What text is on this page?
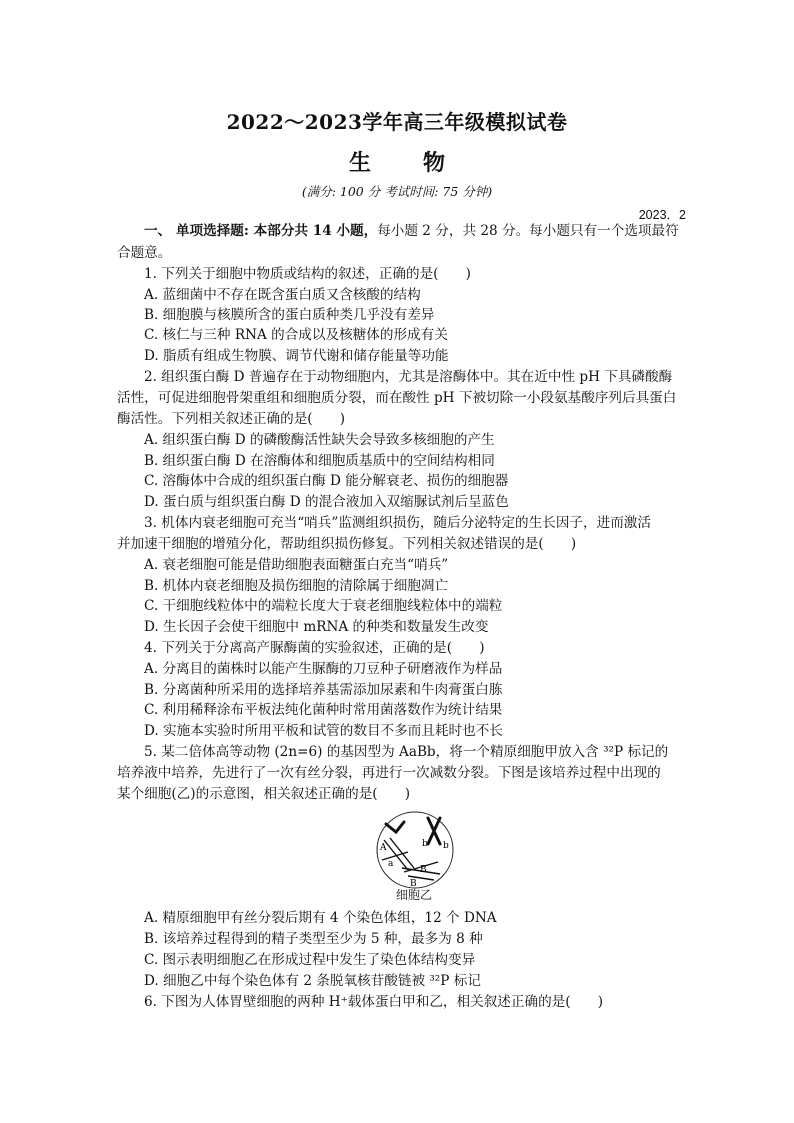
2022～2023学年高三年级模拟试卷
生 物
(满分: 100 分 考试时间: 75 分钟)
2023．2
一、 单项选择题: 本部分共 14 小题，每小题 2 分，共 28 分。每小题只有一个选项最符
合题意。
1. 下列关于细胞中物质或结构的叙述，正确的是(　　)
A. 蓝细菌中不存在既含蛋白质又含核酸的结构
B. 细胞膜与核膜所含的蛋白质种类几乎没有差异
C. 核仁与三种 RNA 的合成以及核糖体的形成有关
D. 脂质有组成生物膜、调节代谢和储存能量等功能
2. 组织蛋白酶 D 普遍存在于动物细胞内，尤其是溶酶体中。其在近中性 pH 下具磷酸酶
活性，可促进细胞骨架重组和细胞质分裂，而在酸性 pH 下被切除一小段氨基酸序列后具蛋白
酶活性。下列相关叙述正确的是(　　)
A. 组织蛋白酶 D 的磷酸酶活性缺失会导致多核细胞的产生
B. 组织蛋白酶 D 在溶酶体和细胞质基质中的空间结构相同
C. 溶酶体中合成的组织蛋白酶 D 能分解衰老、损伤的细胞器
D. 蛋白质与组织蛋白酶 D 的混合液加入双缩脲试剂后呈蓝色
3. 机体内衰老细胞可充当“哨兵”监测组织损伤，随后分泌特定的生长因子，进而激活
并加速干细胞的增殖分化，帮助组织损伤修复。下列相关叙述错误的是(　　)
A. 衰老细胞可能是借助细胞表面糖蛋白充当“哨兵”
B. 机体内衰老细胞及损伤细胞的清除属于细胞凋亡
C. 干细胞线粒体中的端粒长度大于衰老细胞线粒体中的端粒
D. 生长因子会使干细胞中 mRNA 的种类和数量发生改变
4. 下列关于分离高产脲酶菌的实验叙述，正确的是(　　)
A. 分离目的菌株时以能产生脲酶的刀豆种子研磨液作为样品
B. 分离菌种所采用的选择培养基需添加尿素和牛肉膏蛋白胨
C. 利用稀释涂布平板法纯化菌种时常用菌落数作为统计结果
D. 实施本实验时所用平板和试管的数目不多而且耗时也不长
5. 某二倍体高等动物 (2n=6) 的基因型为 AaBb，将一个精原细胞甲放入含 ³²P 标记的
培养液中培养，先进行了一次有丝分裂，再进行一次减数分裂。下图是该培养过程中出现的
某个细胞(乙)的示意图，相关叙述正确的是(　　)
b b
A
a
B
B
细胞乙
A. 精原细胞甲有丝分裂后期有 4 个染色体组，12 个 DNA
B. 该培养过程得到的精子类型至少为 5 种，最多为 8 种
C. 图示表明细胞乙在形成过程中发生了染色体结构变异
D. 细胞乙中每个染色体有 2 条脱氧核苷酸链被 ³²P 标记
6. 下图为人体胃壁细胞的两种 H⁺载体蛋白甲和乙，相关叙述正确的是(　　)
